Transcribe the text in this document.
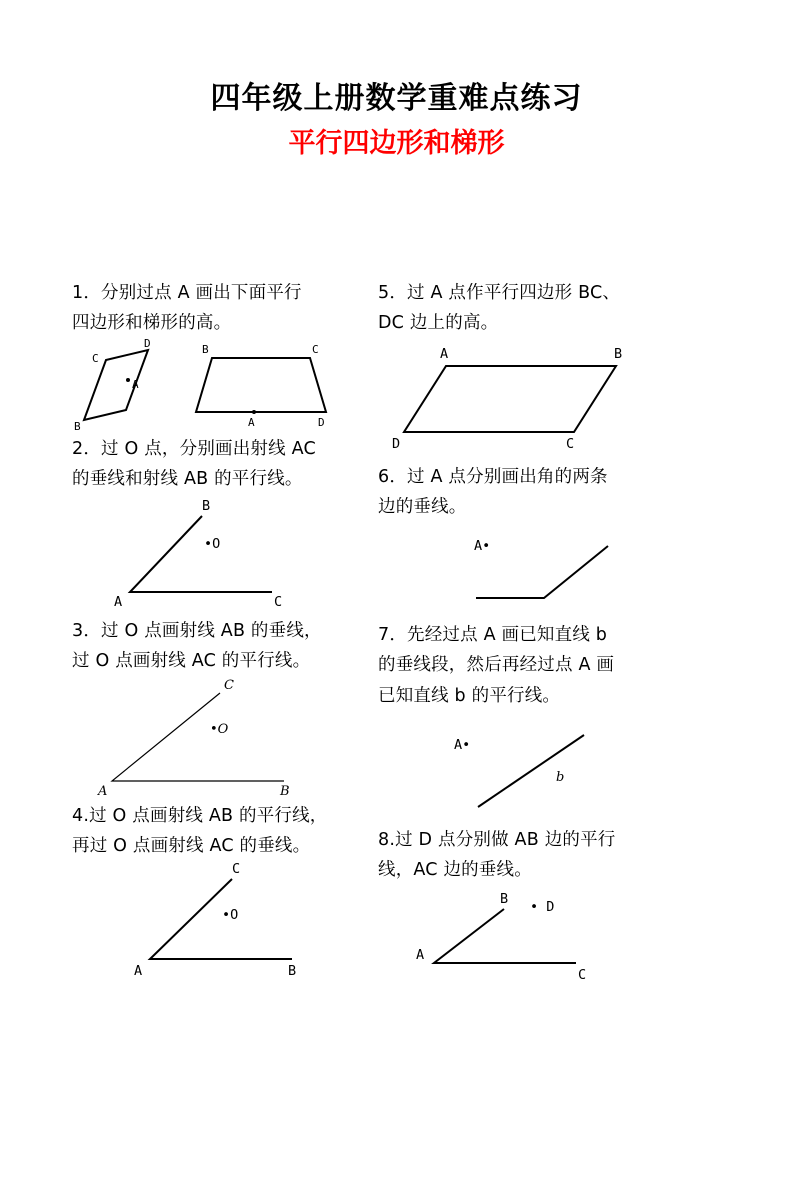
四年级上册数学重难点练习
平行四边形和梯形
1．分别过点 A 画出下面平行
四边形和梯形的高。
D
C
A
B
B	C
A	D
2．过 O 点，分别画出射线 AC
的垂线和射线 AB 的平行线。
B
•O
A	C
3．过 O 点画射线 AB 的垂线，
过 O 点画射线 AC 的平行线。
C
•O
A	B
4.过 O 点画射线 AB 的平行线，
再过 O 点画射线 AC 的垂线。
C
•O
A	B
5．过 A 点作平行四边形 BC、
DC 边上的高。
A	B
D	C
6．过 A 点分别画出角的两条
边的垂线。
A•
7．先经过点 A 画已知直线 b
的垂线段，然后再经过点 A 画
已知直线 b 的平行线。
A•
b
8.过 D 点分别做 AB 边的平行
线，AC 边的垂线。
B • D
A
C
